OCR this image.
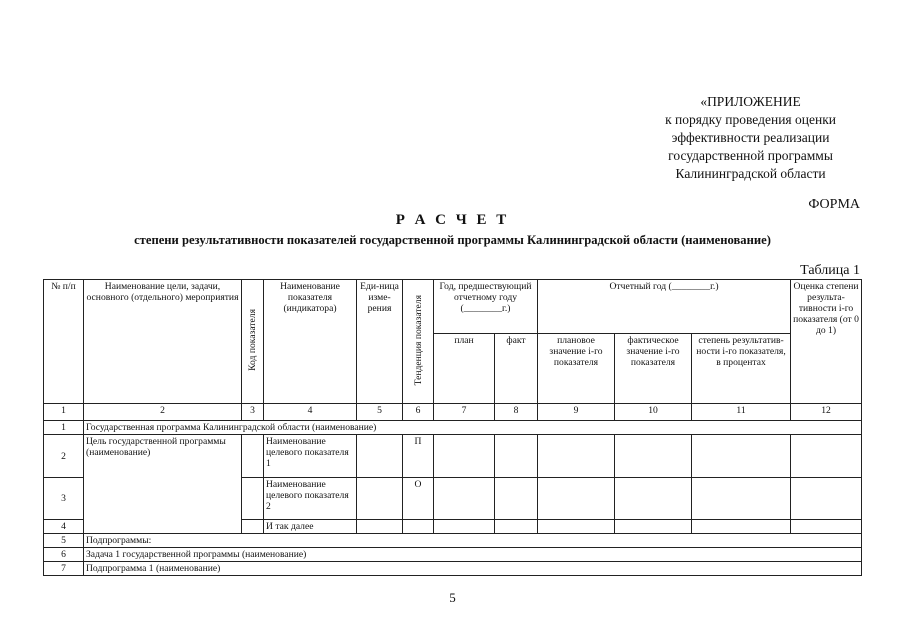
«ПРИЛОЖЕНИЕ
к порядку проведения оценки
эффективности реализации
государственной программы
Калининградской области
ФОРМА
Р А С Ч Е Т
степени результативности показателей государственной программы Калининградской области (наименование)
Таблица 1
№ п/п	Наименование цели, задачи, основного (отдельного) мероприятия	Код показателя	Наименование показателя (индикатора)	Еди-ница изме-рения	Тенденция показателя	Год, предшествующий отчетному году (________г.)		Отчетный год (________г.)			Оценка степени результа-тивности i-го показателя (от 0 до 1)
						план	факт	плановое значение i-го показателя	фактическое значение i-го показателя	степень результатив-ности i-го показателя, в процентах	
1	2	3	4	5	6	7	8	9	10	11	12
1	Государственная программа Калининградской области (наименование)										
2	Цель государственной программы (наименование)		Наименование целевого показателя 1		П						
3			Наименование целевого показателя 2		О						
4			И так далее								
5	Подпрограммы:										
6	Задача 1 государственной программы (наименование)										
7	Подпрограмма 1 (наименование)										
5
